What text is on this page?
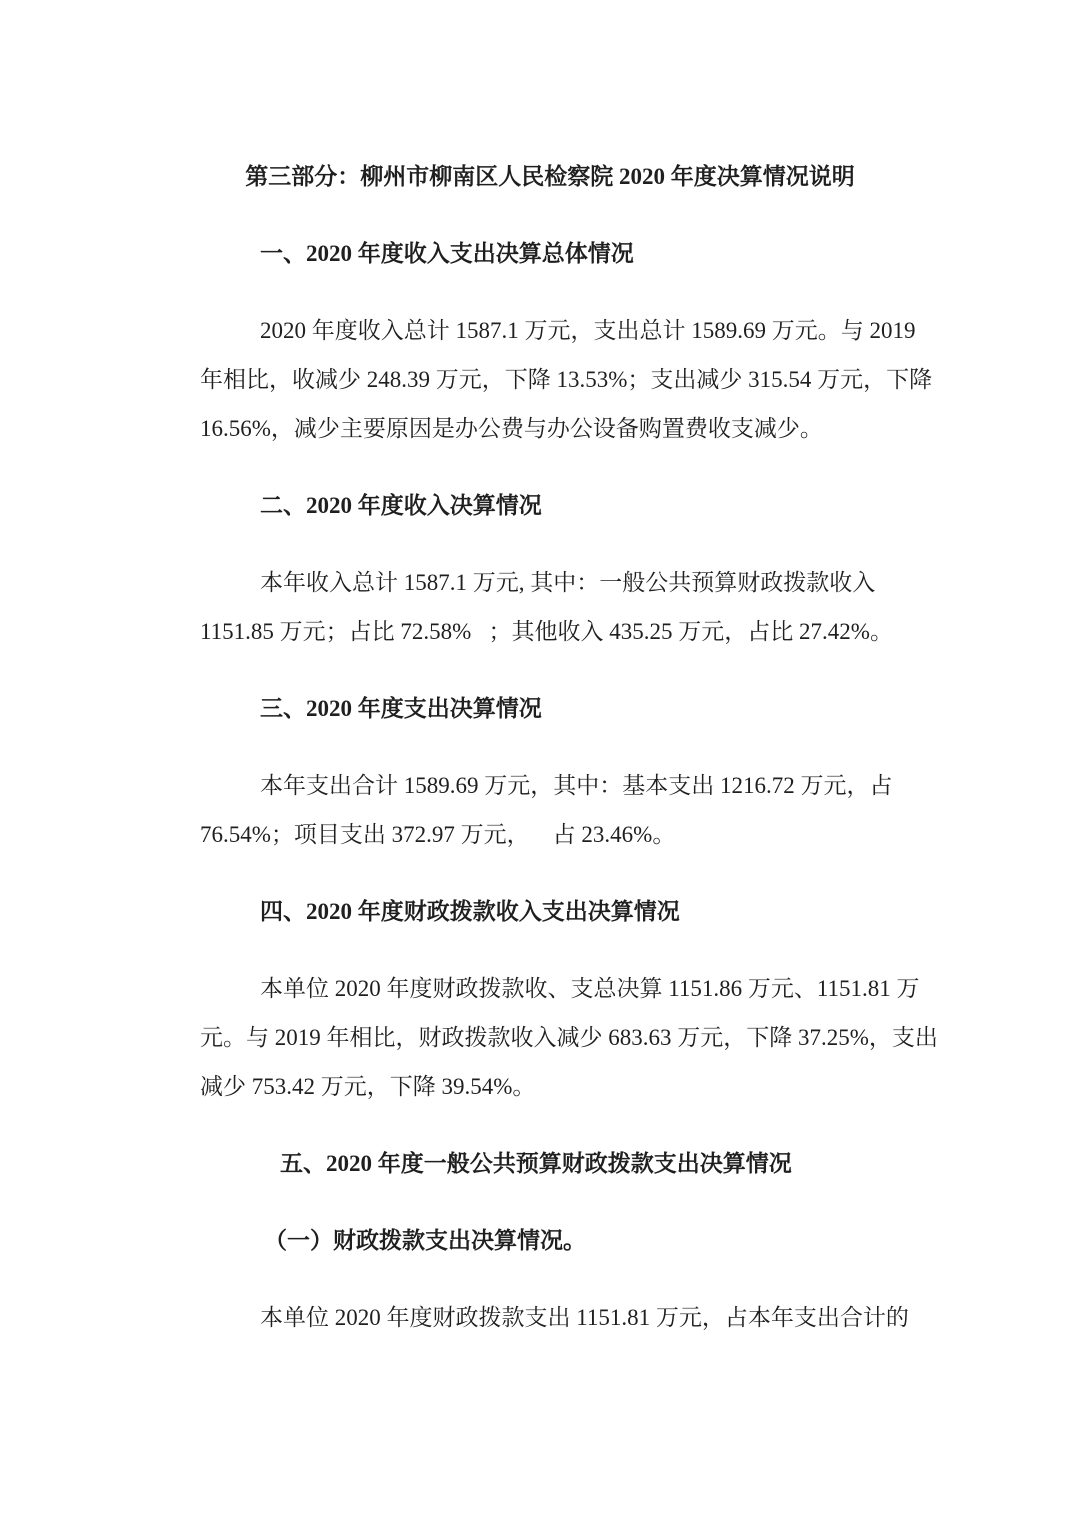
第三部分：柳州市柳南区人民检察院 2020 年度决算情况说明
一、2020 年度收入支出决算总体情况
2020 年度收入总计 1587.1 万元，支出总计 1589.69 万元。与 2019
年相比，收减少 248.39 万元，下降 13.53%；支出减少 315.54 万元，下降
16.56%，减少主要原因是办公费与办公设备购置费收支减少。
二、2020 年度收入决算情况
本年收入总计 1587.1 万元, 其中：一般公共预算财政拨款收入
1151.85 万元；占比 72.58%   ；其他收入 435.25 万元，占比 27.42%。
三、2020 年度支出决算情况
本年支出合计 1589.69 万元，其中：基本支出 1216.72 万元，占
76.54%；项目支出 372.97 万元，    占 23.46%。
四、2020 年度财政拨款收入支出决算情况
本单位 2020 年度财政拨款收、支总决算 1151.86 万元、1151.81 万
元。与 2019 年相比，财政拨款收入减少 683.63 万元，下降 37.25%，支出
减少 753.42 万元，下降 39.54%。
五、2020 年度一般公共预算财政拨款支出决算情况
（一）财政拨款支出决算情况。
本单位 2020 年度财政拨款支出 1151.81 万元，占本年支出合计的
